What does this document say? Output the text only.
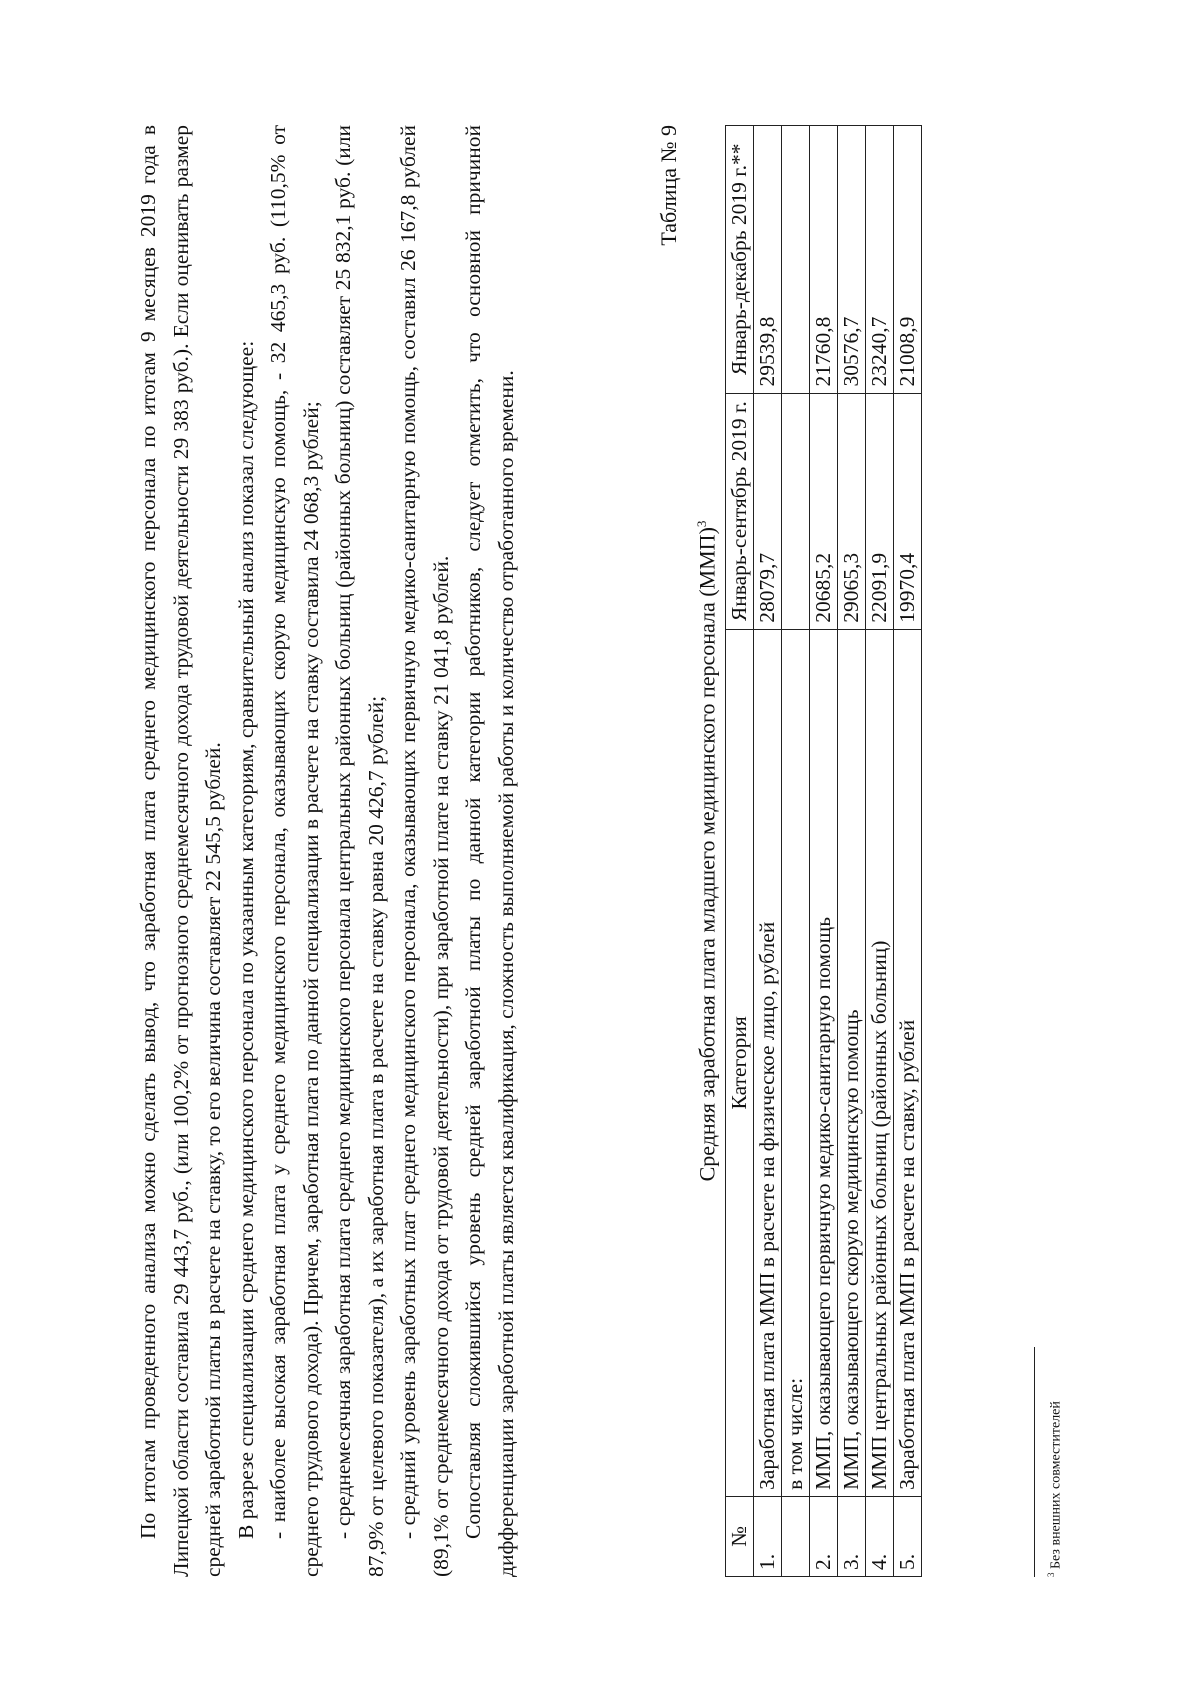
По итогам проведенного анализа можно сделать вывод, что заработная плата среднего медицинского персонала по итогам 9 месяцев 2019 года в Липецкой области составила 29 443,7 руб., (или 100,2% от прогнозного среднемесячного дохода трудовой деятельности 29 383 руб.). Если оценивать размер средней заработной платы в расчете на ставку, то его величина составляет 22 545,5 рублей. В разрезе специализации среднего медицинского персонала по указанным категориям, сравнительный анализ показал следующее: - наиболее высокая заработная плата у среднего медицинского персонала, оказывающих скорую медицинскую помощь, - 32 465,3 руб. (110,5% от среднего трудового дохода). Причем, заработная плата по данной специализации в расчете на ставку составила 24 068,3 рублей; - среднемесячная заработная плата среднего медицинского персонала центральных районных больниц (районных больниц) составляет 25 832,1 руб. (или 87,9% от целевого показателя), а их заработная плата в расчете на ставку равна 20 426,7 рублей; - средний уровень заработных плат среднего медицинского персонала, оказывающих первичную медико-санитарную помощь, составил 26 167,8 рублей (89,1% от среднемесячного дохода от трудовой деятельности), при заработной плате на ставку 21 041,8 рублей. Сопоставляя сложившийся уровень средней заработной платы по данной категории работников, следует отметить, что основной причиной дифференциации заработной платы является квалификация, сложность выполняемой работы и количество отработанного времени.

Таблица № 9
Средняя заработная плата младшего медицинского персонала (ММП)$^3$
№	Категория	Январь-сентябрь 2019 г.	Январь-декабрь 2019 г.**
1.	Заработная плата ММП в расчете на физическое лицо, рублей	28079,7	29539,8
	в том числе:		
2.	ММП, оказывающего первичную медико-санитарную помощь	20685,2	21760,8
3.	ММП, оказывающего скорую медицинскую помощь	29065,3	30576,7
4.	ММП центральных районных больниц (районных больниц)	22091,9	23240,7
5.	Заработная плата ММП в расчете на ставку, рублей	19970,4	21008,9
$^3$ Без внешних совместителей
